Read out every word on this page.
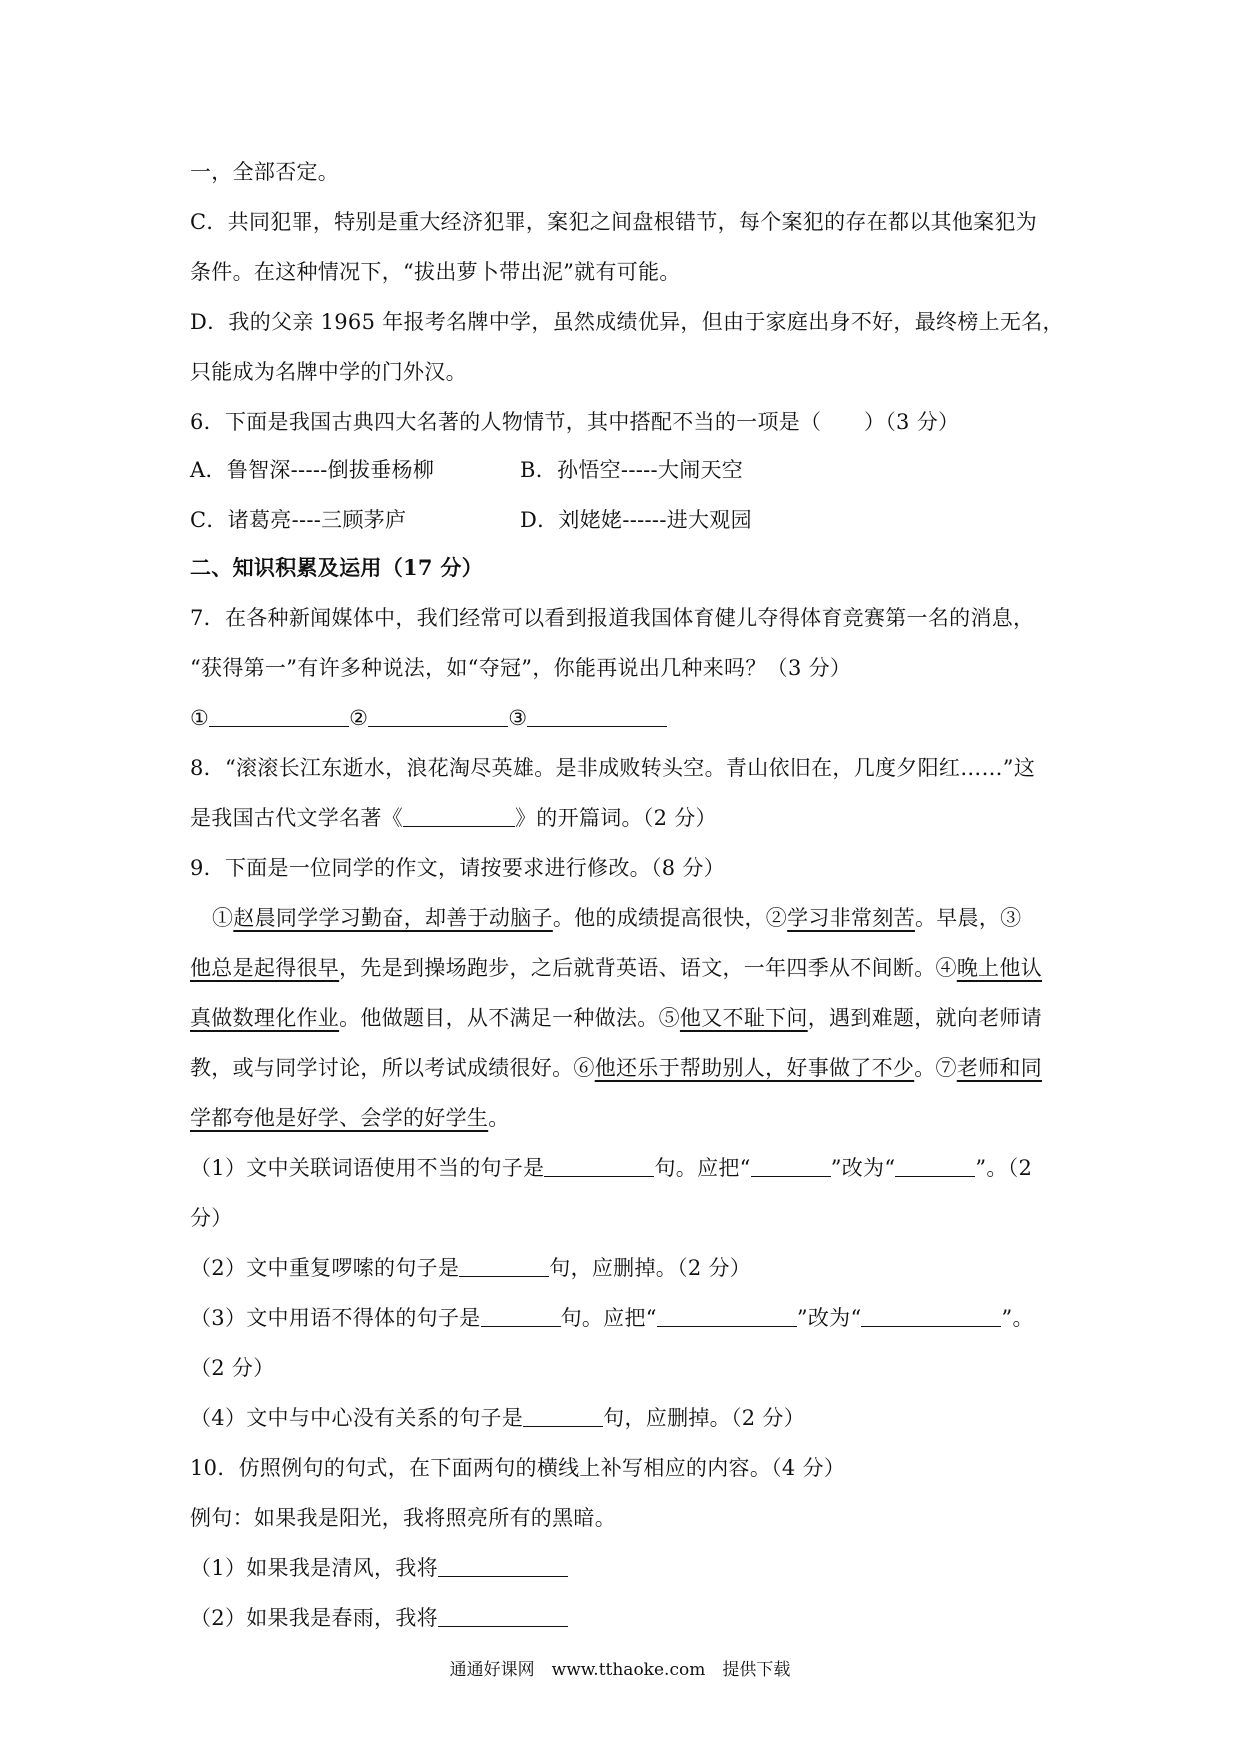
一，全部否定。
C．共同犯罪，特别是重大经济犯罪，案犯之间盘根错节，每个案犯的存在都以其他案犯为
条件。在这种情况下，“拔出萝卜带出泥”就有可能。
D．我的父亲 1965 年报考名牌中学，虽然成绩优异，但由于家庭出身不好，最终榜上无名，
只能成为名牌中学的门外汉。
6．下面是我国古典四大名著的人物情节，其中搭配不当的一项是（　　）（3 分）
A．鲁智深-----倒拔垂杨柳	B．孙悟空-----大闹天空
C．诸葛亮----三顾茅庐	D．刘姥姥------进大观园
二、知识积累及运用（17 分）
7．在各种新闻媒体中，我们经常可以看到报道我国体育健儿夺得体育竞赛第一名的消息，
“获得第一”有许多种说法，如“夺冠”，你能再说出几种来吗？（3 分）
①	②	③
8．“滚滚长江东逝水，浪花淘尽英雄。是非成败转头空。青山依旧在，几度夕阳红……”这
是我国古代文学名著《	》的开篇词。（2 分）
9．下面是一位同学的作文，请按要求进行修改。（8 分）
①赵晨同学学习勤奋，却善于动脑子。他的成绩提高很快，②学习非常刻苦。早晨，③
他总是起得很早，先是到操场跑步，之后就背英语、语文，一年四季从不间断。④晚上他认
真做数理化作业。他做题目，从不满足一种做法。⑤他又不耻下问，遇到难题，就向老师请
教，或与同学讨论，所以考试成绩很好。⑥他还乐于帮助别人，好事做了不少。⑦老师和同
学都夸他是好学、会学的好学生。
（1）文中关联词语使用不当的句子是	句。应把“	”改为“	”。（2
分）
（2）文中重复啰嗦的句子是	句，应删掉。（2 分）
（3）文中用语不得体的句子是	句。应把“	”改为“	”。
（2 分）
（4）文中与中心没有关系的句子是	句，应删掉。（2 分）
10．仿照例句的句式，在下面两句的横线上补写相应的内容。（4 分）
例句：如果我是阳光，我将照亮所有的黑暗。
（1）如果我是清风，我将
（2）如果我是春雨，我将
通通好课网　www.tthaoke.com　提供下载
